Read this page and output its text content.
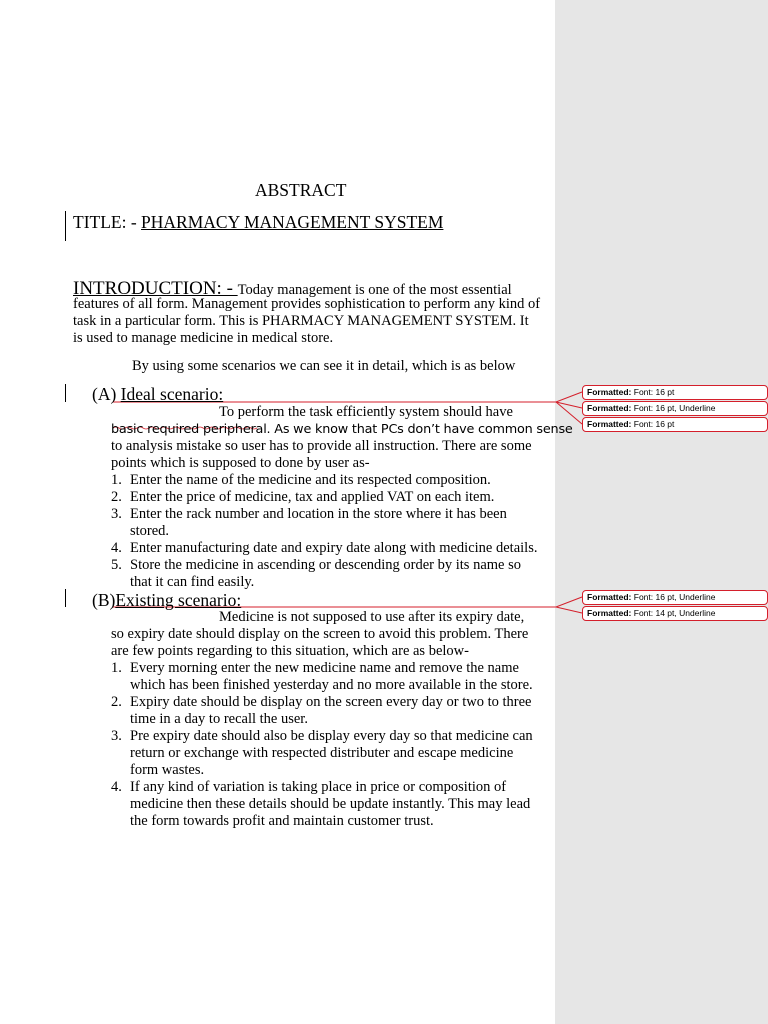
ABSTRACT
TITLE: - PHARMACY MANAGEMENT SYSTEM
INTRODUCTION: - Today management is one of the most essential
features of all form. Management provides sophistication to perform any kind of
task in a particular form. This is PHARMACY MANAGEMENT SYSTEM. It
is used to manage medicine in medical store.
By using some scenarios we can see it in detail, which is as below
(A) Ideal scenario:
To perform the task efficiently system should have
basic required peripheral. As we know that PCs don’t have common sense
to analysis mistake so user has to provide all instruction. There are some
points which is supposed to done by user as-
1. Enter the name of the medicine and its respected composition.
2. Enter the price of medicine, tax and applied VAT on each item.
3. Enter the rack number and location in the store where it has been
stored.
4. Enter manufacturing date and expiry date along with medicine details.
5. Store the medicine in ascending or descending order by its name so
that it can find easily.
(B)Existing scenario:
Medicine is not supposed to use after its expiry date,
so expiry date should display on the screen to avoid this problem. There
are few points regarding to this situation, which are as below-
1. Every morning enter the new medicine name and remove the name
which has been finished yesterday and no more available in the store.
2. Expiry date should be display on the screen every day or two to three
time in a day to recall the user.
3. Pre expiry date should also be display every day so that medicine can
return or exchange with respected distributer and escape medicine
form wastes.
4. If any kind of variation is taking place in price or composition of
medicine then these details should be update instantly. This may lead
the form towards profit and maintain customer trust.
Formatted: Font: 16 pt
Formatted: Font: 16 pt, Underline
Formatted: Font: 16 pt
Formatted: Font: 16 pt, Underline
Formatted: Font: 14 pt, Underline
